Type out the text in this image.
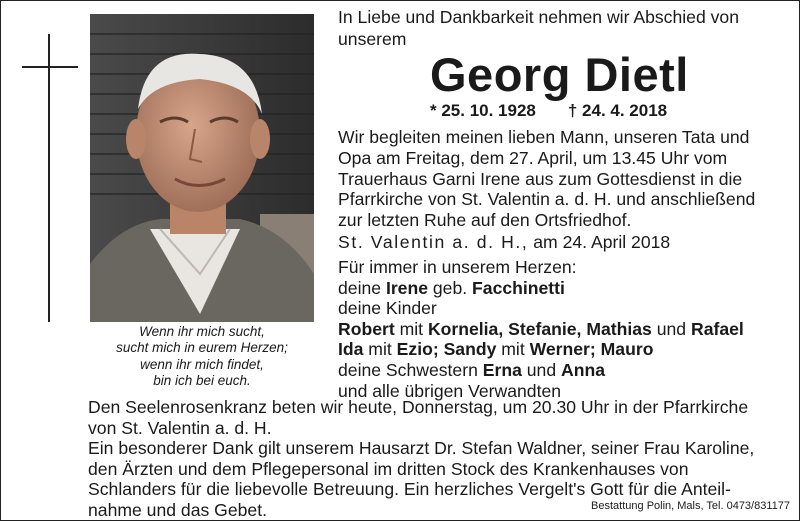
Wenn ihr mich sucht,
sucht mich in eurem Herzen;
wenn ihr mich findet,
bin ich bei euch.
In Liebe und Dankbarkeit nehmen wir Abschied von
unserem
Georg Dietl
* 25. 10. 1928 † 24. 4. 2018
Wir begleiten meinen lieben Mann, unseren Tata und
Opa am Freitag, dem 27. April, um 13.45 Uhr vom
Trauerhaus Garni Irene aus zum Gottesdienst in die
Pfarrkirche von St. Valentin a. d. H. und anschließend
zur letzten Ruhe auf den Ortsfriedhof.
St. Valentin a. d. H., am 24. April 2018
Für immer in unserem Herzen:
deine Irene geb. Facchinetti
deine Kinder
Robert mit Kornelia, Stefanie, Mathias und Rafael
Ida mit Ezio; Sandy mit Werner; Mauro
deine Schwestern Erna und Anna
und alle übrigen Verwandten
Den Seelenrosenkranz beten wir heute, Donnerstag, um 20.30 Uhr in der Pfarrkirche
von St. Valentin a. d. H.
Ein besonderer Dank gilt unserem Hausarzt Dr. Stefan Waldner, seiner Frau Karoline,
den Ärzten und dem Pflegepersonal im dritten Stock des Krankenhauses von
Schlanders für die liebevolle Betreuung. Ein herzliches Vergelt's Gott für die Anteil-
nahme und das Gebet.	Bestattung Polin, Mals, Tel. 0473/831177
